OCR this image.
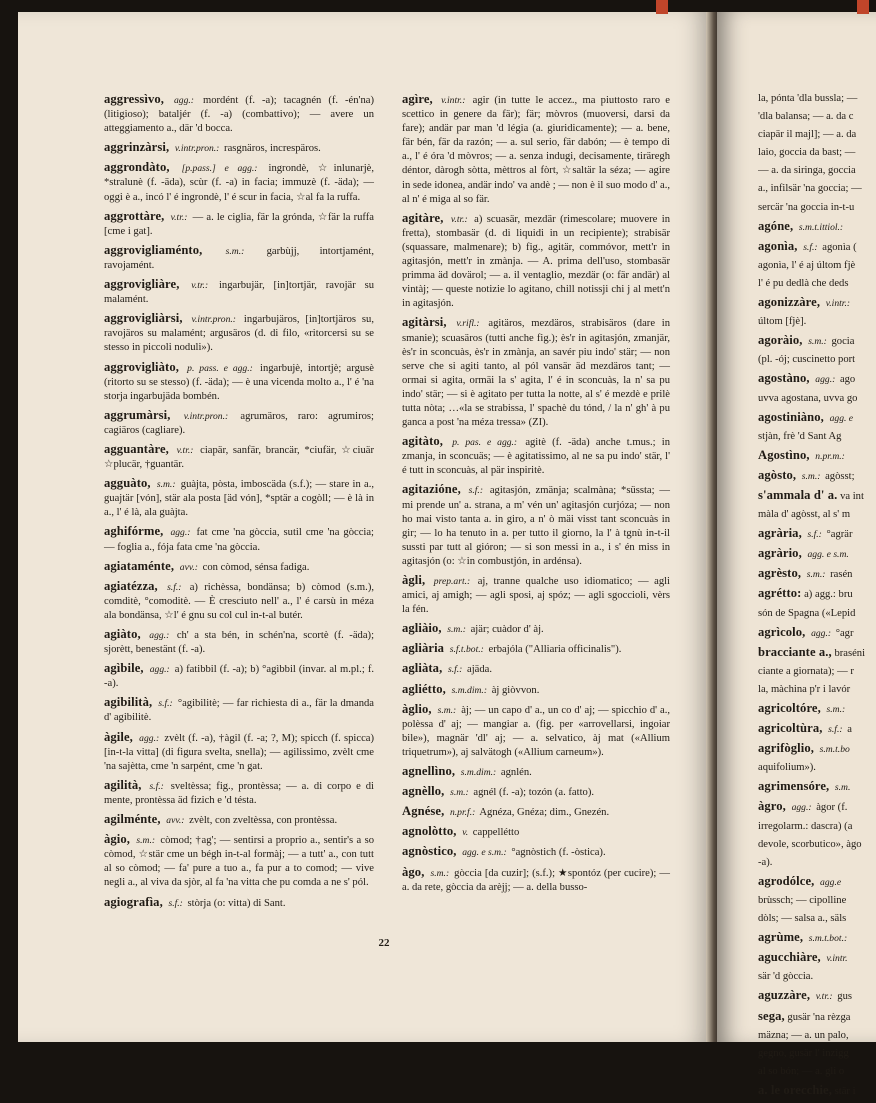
aggressìvo, agg.: mordént (f. -a); tacagnén (f. -én'na) (litigioso); bataljér (f. -a) (combattivo); — avere un atteggiamento a., där 'd bocca.
aggrinzàrsi, v.intr.pron.: rasgnäros, increspäros.
aggrondàto, [p.pass.] e agg.: ingrondè, ☆inlunarjè, *stralunè (f. -äda), scùr (f. -a) in facia; immuzè (f. -äda); — oggi è a., incó l' é ingrondè, l' é scur in facia, ☆al fa la ruffa.
aggrottàre, v.tr.: — a. le ciglia, fär la grónda, ☆fär la ruffa [cme i gat].
aggrovigliaménto, s.m.: garbùjj, intortjamént, ravojamént.
aggrovigliàre, v.tr.: ingarbujär, [in]tortjär, ravojär su malamént.
aggrovigliàrsi, v.intr.pron.: ingarbujäros, [in]tortjäros su, ravojäros su malamént; argusäros (d. di filo, «ritorcersi su se stesso in piccoli noduli»).
aggrovigliàto, p. pass. e agg.: ingarbujè, intortjè; argusè (ritorto su se stesso) (f. -äda); — è una vicenda molto a., l' é 'na storja ingarbujäda bombén.
aggrumàrsi, v.intr.pron.: agrumäros, raro: agrumiros; cagiäros (cagliare).
agguantàre, v.tr.: ciapär, sanfär, brancär, *ciufär, ☆ciuär ☆plucär, †guantär.
agguàto, s.m.: guàjta, pòsta, imboscäda (s.f.); — stare in a., guajtär [vón], stär ala posta [äd vón], *sptär a cogòll; — è là in a., l' é là, ala guàjta.
aghifórme, agg.: fat cme 'na gòccia, sutil cme 'na gòccia; — foglia a., fója fata cme 'na gòccia.
agiataménte, avv.: con còmod, sénsa fadiga.
agiatézza, s.f.: a) richèssa, bondänsa; b) còmod (s.m.), comditè, °comoditè. — È cresciuto nell' a., l' é carsù in méza ala bondänsa, ☆l' é gnu su col cul in-t-al butér.
agiàto, agg.: ch' a sta bén, in schén'na, scortè (f. -äda); sjorètt, benestänt (f. -a).
agìbile, agg.: a) fatibbil (f. -a); b) °agìbbil (invar. al m.pl.; f. -a).
agibilità, s.f.: °agibilitè; — far richiesta di a., fär la dmanda d' agibilitè.
àgile, agg.: zvèlt (f. -a), †àgil (f. -a; ?, M); spicch (f. spicca) [in-t-la vitta] (di figura svelta, snella); — agilissimo, zvèlt cme 'na sajètta, cme 'n sarpént, cme 'n gat.
agilità, s.f.: sveltèssa; fig., prontèssa; — a. di corpo e di mente, prontèssa äd fizich e 'd tésta.
agilménte, avv.: zvèlt, con zveltèssa, con prontèssa.
àgio, s.m.: còmod; †ag'; — sentirsi a proprio a., sentir's a so còmod, ☆stär cme un bégh in-t-al formàj; — a tutt' a., con tutt al so còmod; — fa' pure a tuo a., fa pur a to comod; — vive negli a., al viva da sjòr, al fa 'na vitta che pu comda a ne s' pól.
agiografìa, s.f.: stòrja (o: vitta) di Sant.
agìre, v.intr.: agir (in tutte le accez., ma piuttosto raro e scettico in genere da fär); fär; mòvros (muoversi, darsi da fare); andär par man 'd légia (a. giuridicamente); — a. bene, fär bén, fär da razón; — a. sul serio, fär dabón; — è tempo di a., l' é óra 'd mòvros; — a. senza indugi, decisamente, tiräregh déntor, dàrogh sòtta, mèttros al fòrt, ☆saltär la séza; — agire in sede idonea, andär indo' va andè ; — non è il suo modo d' a., al n' é miga al so fär.
agitàre, v.tr.: a) scuasär, mezdär (rimescolare; muovere in fretta), stombasär (d. di liquidi in un recipiente); strabisär (squassare, malmenare); b) fig., agitär, commóvor, mett'r in agitasjón, mett'r in zmànja. — A. prima dell'uso, stombasär primma äd dovärol; — a. il ventaglio, mezdär (o: fär andär) al vintàj; — queste notizie lo agitano, chill notissji chi j al mett'n in agitasjón.
agitàrsi, v.rifl.: agitäros, mezdäros, strabisäros (dare in smanie); scuasäros (tutti anche fig.); ès'r in agitasjón, zmanjär, ès'r in sconcuàs, ès'r in zmànja, an savér piu indo' stär; — non serve che si agiti tanto, al pól vansär äd mezdäros tant; — ormai si agita, ormäi la s' agita, l' é in sconcuàs, la n' sa pu indo' stär; — si è agitato per tutta la notte, al s' é mezdè e prilè tutta nòta; …«la se strabissa, l' spachè du tónd, / la n' gh' à pu ganca a post 'na méza tressa» (ZI).
agitàto, p. pas. e agg.: agitè (f. -äda) anche t.mus.; in zmanja, in sconcuäs; — è agitatissimo, al ne sa pu indo' stär, l' é tutt in sconcuàs, al pär inspiritè.
agitazióne, s.f.: agitasjón, zmänja; scalmàna; *süssta; — mi prende un' a. strana, a m' vén un' agitasjón curjóza; — non ho mai visto tanta a. in giro, a n' ò mäi visst tant sconcuàs in gir; — lo ha tenuto in a. per tutto il giorno, la l' à tgnù in-t-il sussti par tutt al gióron; — si son messi in a., i s' én miss in agitasjón (o: ☆in combustjón, in ardénsa).
àgli, prep.art.: aj, tranne qualche uso idiomatico; — agli amici, aj amigh; — agli sposi, aj spóz; — agli sgoccioli, vèrs la fén.
agliàio, s.m.: ajär; cuàdor d' àj.
agliària s.f.t.bot.: erbajóla ("Alliaria officinalis").
agliàta, s.f.: ajäda.
agliétto, s.m.dim.: àj giòvvon.
àglio, s.m.: àj; — un capo d' a., un co d' aj; — spicchio d' a., polèssa d' aj; — mangiar a. (fig. per «arrovellarsi, ingoiar bile»), magnär 'dl' aj; — a. selvatico, àj mat («Allium triquetrum»), aj salvätogh («Allium carneum»).
agnellìno, s.m.dim.: agnlén.
agnèllo, s.m.: agnél (f. -a); tozón (a. fatto).
Agnése, n.pr.f.: Agnéza, Gnéza; dim., Gnezén.
agnolòtto, v. cappellétto
agnòstico, agg. e s.m.: °agnòstich (f. -òstica).
àgo, s.m.: gòccia [da cuzir]; (s.f.); ★spontóz (per cucire); — a. da rete, gòccia da arèjj; — a. della busso-
la, pónta 'dla bussla; —
'dla balansa; — a. da c
ciapär il majl]; — a. da
laio, goccia da bast; —
— a. da siringa, goccia
a., infilsär 'na goccia; —
sercär 'na goccia in-t-u
agóne, s.m.t.ittiol.:
agonìa, s.f.: agonìa (
agonìa, l' é aj últom fjè
l' é pu dedlà che deds
agonizzàre, v.intr.:
últom [fjè].
agoràio, s.m.: gocia
(pl. -ój; cuscinetto port
agostàno, agg.: ago
uvva agostana, uvva go
agostiniàno, agg. e
stjàn, frè 'd Sant Ag
Agostìno, n.pr.m.:
agòsto, s.m.: agòsst;
s'ammala d' a. va int
màla d' agòsst, al s' m
agrària, s.f.: °agrär
agràrio, agg. e s.m.
agrèsto, s.m.: rasén
agrétto: a) agg.: bru
són de Spagna («Lepid
agrìcolo, agg.: °agr
bracciante a., braséni
ciante a giornata); — r
la, màchina p'r i lavór
agricoltóre, s.m.:
agricoltùra, s.f.: a
agrifòglio, s.m.t.bo
aquifolium»).
agrimensóre, s.m.
àgro, agg.: àgor (f.
irregolarm.: dascra) (a
devole, scorbutico», àgo
-a).
agrodólce, agg.e
brùssch; — cipolline
dòls; — salsa a., säls
agrùme, s.m.t.bot.:
agucchiàre, v.intr.
sär 'd gòccia.
aguzzàre, v.tr.: gus
sega, gusär 'na rèzga
mäzna; — a. un palo,
gegno, gusär l' inzìgg
al so bón; — a. gli o
a. le orecchie, stär i
22
